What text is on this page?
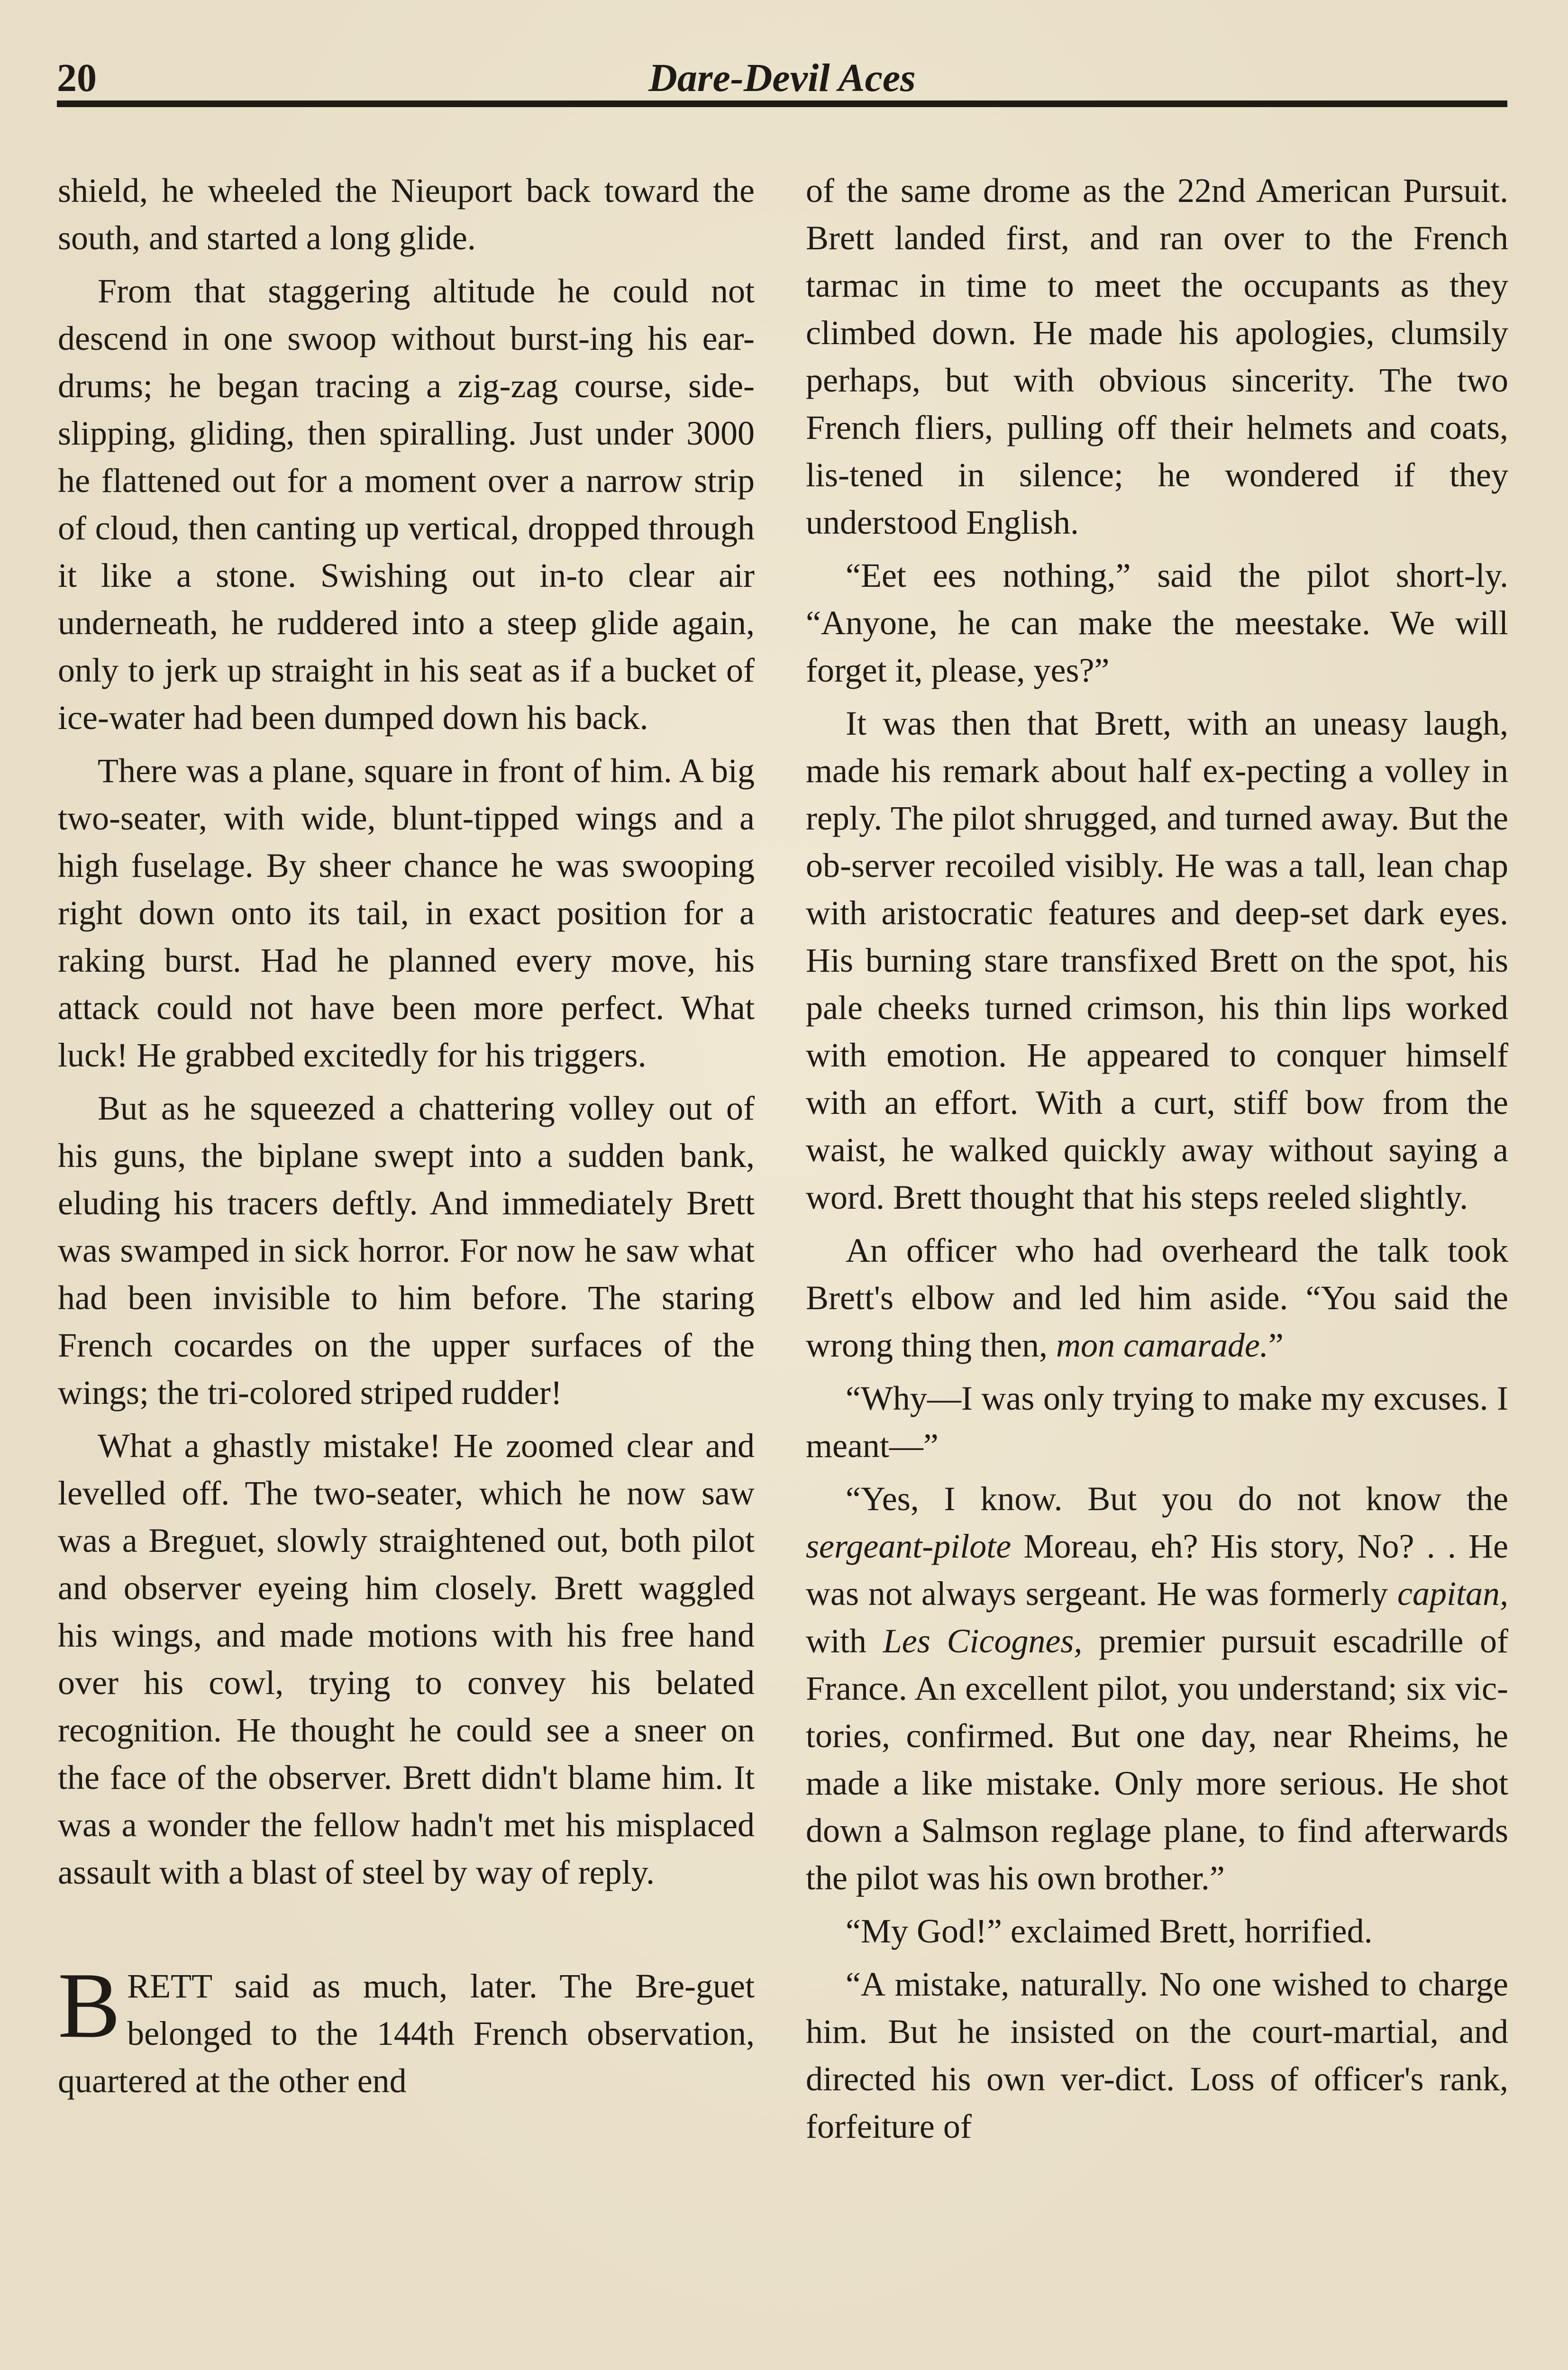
20	Dare-Devil Aces

shield, he wheeled the Nieuport back toward the south, and started a long glide.

From that staggering altitude he could not descend in one swoop without burst-ing his ear-drums; he began tracing a zig-zag course, side-slipping, gliding, then spiralling. Just under 3000 he flattened out for a moment over a narrow strip of cloud, then canting up vertical, dropped through it like a stone. Swishing out in-to clear air underneath, he ruddered into a steep glide again, only to jerk up straight in his seat as if a bucket of ice-water had been dumped down his back.

There was a plane, square in front of him. A big two-seater, with wide, blunt-tipped wings and a high fuselage. By sheer chance he was swooping right down onto its tail, in exact position for a raking burst. Had he planned every move, his attack could not have been more perfect. What luck! He grabbed excitedly for his triggers.

But as he squeezed a chattering volley out of his guns, the biplane swept into a sudden bank, eluding his tracers deftly. And immediately Brett was swamped in sick horror. For now he saw what had been invisible to him before. The staring French cocardes on the upper surfaces of the wings; the tri-colored striped rudder!

What a ghastly mistake! He zoomed clear and levelled off. The two-seater, which he now saw was a Breguet, slowly straightened out, both pilot and observer eyeing him closely. Brett waggled his wings, and made motions with his free hand over his cowl, trying to convey his belated recognition. He thought he could see a sneer on the face of the observer. Brett didn't blame him. It was a wonder the fellow hadn't met his misplaced assault with a blast of steel by way of reply.

BRETT said as much, later. The Bre-guet belonged to the 144th French observation, quartered at the other end

of the same drome as the 22nd American Pursuit. Brett landed first, and ran over to the French tarmac in time to meet the occupants as they climbed down. He made his apologies, clumsily perhaps, but with obvious sincerity. The two French fliers, pulling off their helmets and coats, lis-tened in silence; he wondered if they understood English.

“Eet ees nothing,” said the pilot short-ly. “Anyone, he can make the meestake. We will forget it, please, yes?”

It was then that Brett, with an uneasy laugh, made his remark about half ex-pecting a volley in reply. The pilot shrugged, and turned away. But the ob-server recoiled visibly. He was a tall, lean chap with aristocratic features and deep-set dark eyes. His burning stare transfixed Brett on the spot, his pale cheeks turned crimson, his thin lips worked with emotion. He appeared to conquer himself with an effort. With a curt, stiff bow from the waist, he walked quickly away without saying a word. Brett thought that his steps reeled slightly.

An officer who had overheard the talk took Brett's elbow and led him aside. “You said the wrong thing then, mon camarade.”

“Why—I was only trying to make my excuses. I meant—”

“Yes, I know. But you do not know the sergeant-pilote Moreau, eh? His story, No? . . He was not always sergeant. He was formerly capitan, with Les Cicognes, premier pursuit escadrille of France. An excellent pilot, you understand; six vic-tories, confirmed. But one day, near Rheims, he made a like mistake. Only more serious. He shot down a Salmson reglage plane, to find afterwards the pilot was his own brother.”

“My God!” exclaimed Brett, horrified.

“A mistake, naturally. No one wished to charge him. But he insisted on the court-martial, and directed his own ver-dict. Loss of officer's rank, forfeiture of
